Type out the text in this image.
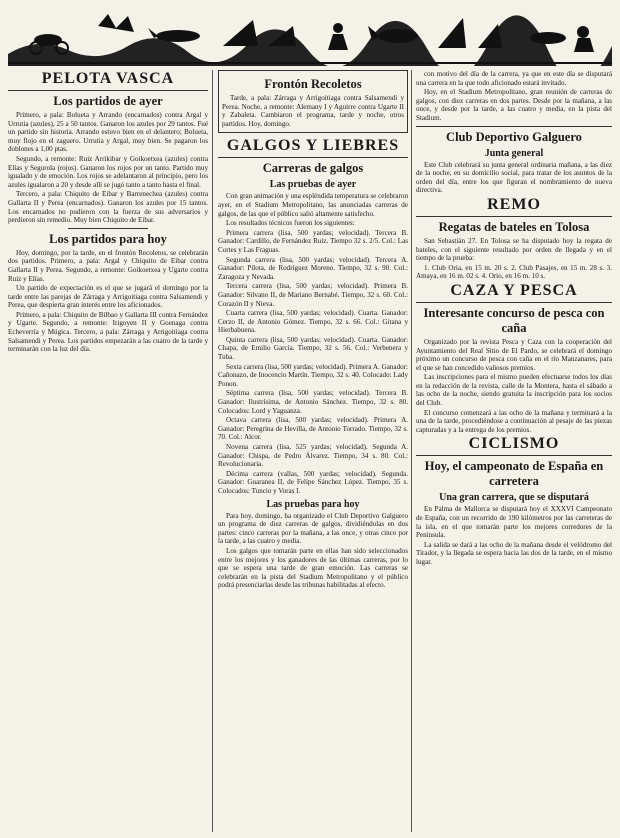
PELOTA VASCA
Los partidos de ayer

Primero, a pala: Bolueta y Arrando (encarnados) contra Argal y Urrutia (azules), 25 a 50 tantos. Ganaron los azules por 29 tantos. Fué un partido sin historia. Arrando estuvo bien en el delantero; Bolueta, muy flojo en el zaguero. Urrutia y Argal, muy bien. Se pagaron los doblones a 1,00 ptas.

Segundo, a remonte: Ruiz Arrikibar y Goikoetxea (azules) contra Elías y Segurola (rojos). Ganaron los rojos por un tanto. Partido muy igualado y de emoción. Los rojos se adelantaron al principio, pero los azules igualaron a 20 y desde allí se jugó tanto a tanto hasta el final.

Tercero, a pala: Chiquito de Eibar y Barrenechea (azules) contra Gallarta II y Perea (encarnados). Ganaron los azules por 15 tantos. Los encarnados no pudieron con la fuerza de sus adversarios y perdieron sin remedio. Muy bien Chiquito de Eibar.

Los partidos para hoy

Hoy, domingo, por la tarde, en el frontón Recoletos, se celebrarán dos partidos. Primero, a pala: Argal y Chiquito de Eibar contra Gallarta II y Perea. Segundo, a remonte: Goikoetxea y Ugarte contra Ruiz y Elías.

Un partido de expectación es el que se jugará el domingo por la tarde entre las parejas de Zárraga y Arrigoitiaga contra Salsamendi y Perea, que despierta gran interés entre los aficionados.

Primero, a pala: Chiquito de Bilbao y Gallarta III contra Fernández y Ugarte. Segundo, a remonte: Irigoyen II y Goenaga contra Echeverría y Múgica. Tercero, a pala: Zárraga y Arrigoitiaga contra Salsamendi y Perea. Los partidos empezarán a las cuatro de la tarde y terminarán con la luz del día.

Frontón Recoletos

Tarde, a pala: Zárraga y Arrigoitiaga contra Salsamendi y Perea. Noche, a remonte: Alemany I y Aguirre contra Ugarte II y Zabaleta. Cambiaron el programa, tarde y noche, otros partidos. Hoy, domingo.

GALGOS Y LIEBRES
Carreras de galgos
Las pruebas de ayer

Con gran animación y una espléndida temperatura se celebraron ayer, en el Stadium Metropolitano, las anunciadas carreras de galgos, de las que el público salió altamente satisfecho.

Los resultados técnicos fueron los siguientes:

Primera carrera (lisa, 500 yardas; velocidad). Tercera B. Ganador: Cardillo, de Fernández Ruiz. Tiempo 32 s. 2/5. Col.: Las Cortes y Las Fraguas.

Segunda carrera (lisa, 500 yardas; velocidad). Tercera A. Ganador: Pilota, de Rodríguez Moreno. Tiempo, 32 s. 90. Col.: Zaragoza y Nevada.

Tercera carrera (lisa, 500 yardas; velocidad). Primera B. Ganador: Silvano II, de Mariano Bernabé. Tiempo, 32 s. 60. Col.: Corazón II y Nieva.

Cuarta carrera (lisa, 500 yardas; velocidad). Cuarta. Ganador: Cerzo II, de Antonio Gómez. Tiempo, 32 s. 66. Col.: Gitana y Hierbabuena.

Quinta carrera (lisa, 500 yardas; velocidad). Cuarta. Ganador: Chapa, de Emilio García. Tiempo, 32 s. 56. Col.: Verbenera y Tuba.

Sexta carrera (lisa, 500 yardas; velocidad). Primera A. Ganador: Cañonazo, de Inocencio Martín. Tiempo, 32 s. 40. Colocado: Lady Ponon.

Séptima carrera (lisa, 500 yardas; velocidad). Tercera B. Ganador: Ilustrísima, de Antonio Sánchez. Tiempo, 32 s. 80. Colocados: Lord y Yaguanza.

Octava carrera (lisa, 500 yardas; velocidad). Primera A. Ganador: Peregrina de Hevilla, de Antonio Torrado. Tiempo, 32 s. 70. Col.: Alcor.

Novena carrera (lisa, 525 yardas; velocidad). Segunda A. Ganador: Chispa, de Pedro Álvarez. Tiempo, 34 s. 80. Col.: Revolucionaria.

Décima carrera (vallas, 500 yardas; velocidad). Segunda. Ganador: Guaranea II, de Felipe Sánchez López. Tiempo, 35 s. Colocados: Tuncio y Voras I.

Las pruebas para hoy

Para hoy, domingo, ha organizado el Club Deportivo Galguero un programa de diez carreras de galgos, dividiéndolas en dos partes: cinco carreras por la mañana, a las once, y otras cinco por la tarde, a las cuatro y media.

Los galgos que tomarán parte en ellas han sido seleccionados entre los mejores y los ganadores de las últimas carreras, por lo que se espera una tarde de gran emoción. Las carreras se celebrarán en la pista del Stadium Metropolitano y el público podrá presenciarlas desde las tribunas habilitadas al efecto.

con motivo del día de la carrera, ya que en este día se disputará una carrera en la que todo aficionado estará invitado.

Hoy, en el Stadium Metropolitano, gran reunión de carreras de galgos, con diez carreras en dos partes. Desde por la mañana, a las once, y desde por la tarde, a las cuatro y media, en la pista del Stadium.

Club Deportivo Galguero
Junta general

Este Club celebrará su junta general ordinaria mañana, a las diez de la noche, en su domicilio social, para tratar de los asuntos de la orden del día, entre los que figuran el nombramiento de nueva directiva.

REMO
Regatas de bateles en Tolosa

San Sebastián 27. En Tolosa se ha disputado hoy la regata de bateles, con el siguiente resultado por orden de llegada y en el tiempo de la prueba:

1. Club Oria, en 15 m. 20 s. 2. Club Pasajes, en 15 m. 28 s. 3. Amaya, en 16 m. 02 s. 4. Orio, en 16 m. 10 s.

CAZA Y PESCA
Interesante concurso de pesca con caña

Organizado por la revista Pesca y Caza con la cooperación del Ayuntamiento del Real Sitio de El Pardo, se celebrará el domingo próximo un concurso de pesca con caña en el río Manzanares, para el que se han concedido valiosos premios.

Las inscripciones para el mismo pueden efectuarse todos los días en la redacción de la revista, calle de la Montera, hasta el sábado a las ocho de la noche, siendo gratuita la inscripción para los socios del Club.

El concurso comenzará a las ocho de la mañana y terminará a la una de la tarde, procediéndose a continuación al pesaje de las piezas capturadas y a la entrega de los premios.

CICLISMO
Hoy, el campeonato de España en carretera
Una gran carrera, que se disputará

En Palma de Mallorca se disputará hoy el XXXVI Campeonato de España, con un recorrido de 190 kilómetros por las carreteras de la isla, en el que tomarán parte los mejores corredores de la Península.

La salida se dará a las ocho de la mañana desde el velódromo del Tirador, y la llegada se espera hacia las dos de la tarde, en el mismo lugar.
